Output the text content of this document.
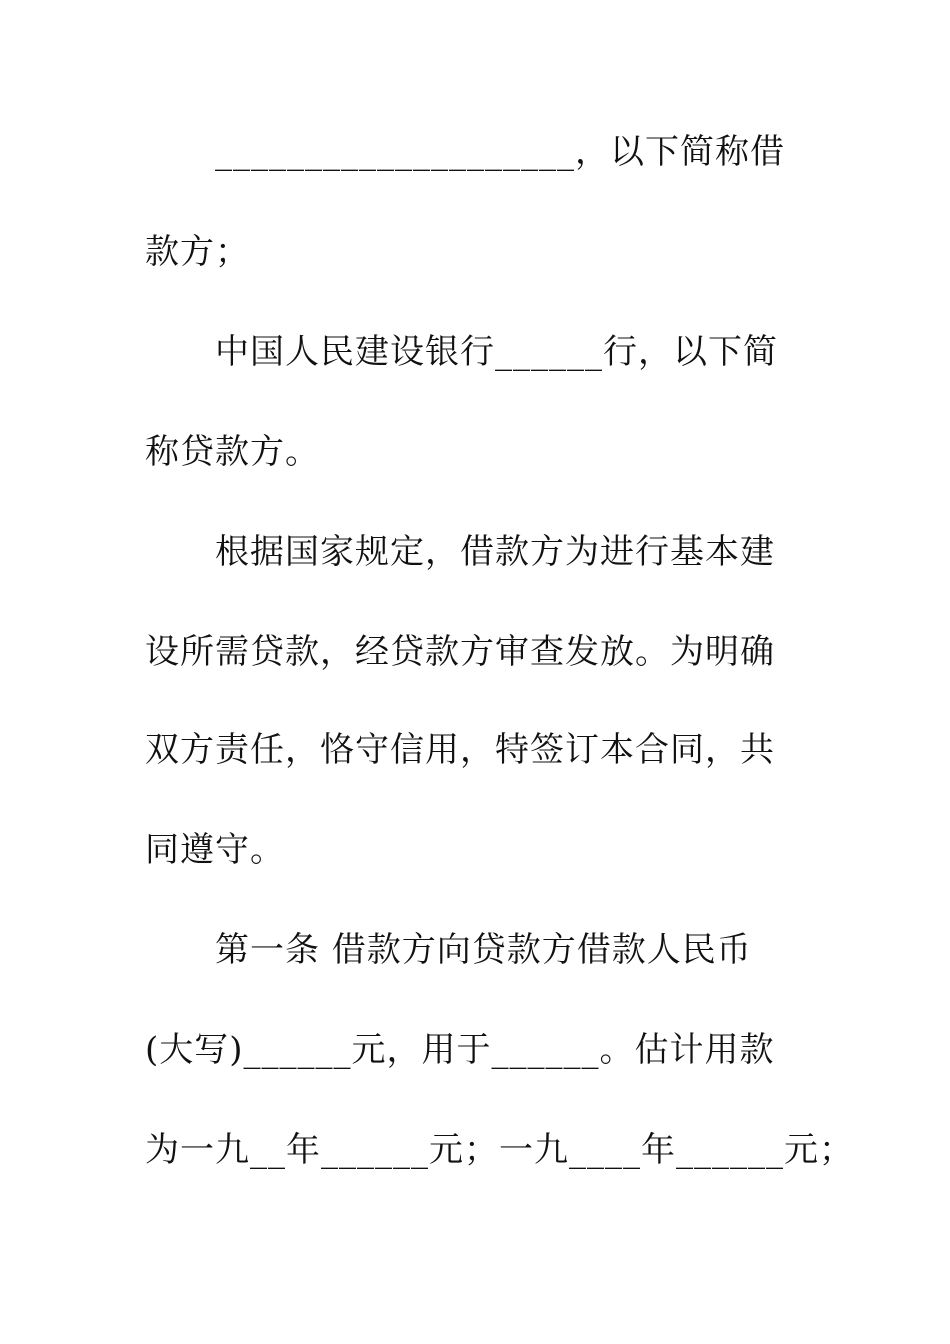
____________________，以下简称借
款方；
中国人民建设银行______行，以下简
称贷款方。
根据国家规定，借款方为进行基本建
设所需贷款，经贷款方审查发放。为明确
双方责任，恪守信用，特签订本合同，共
同遵守。
第一条 借款方向贷款方借款人民币
(大写)______元，用于______。估计用款
为一九__年______元；一九____年______元；
